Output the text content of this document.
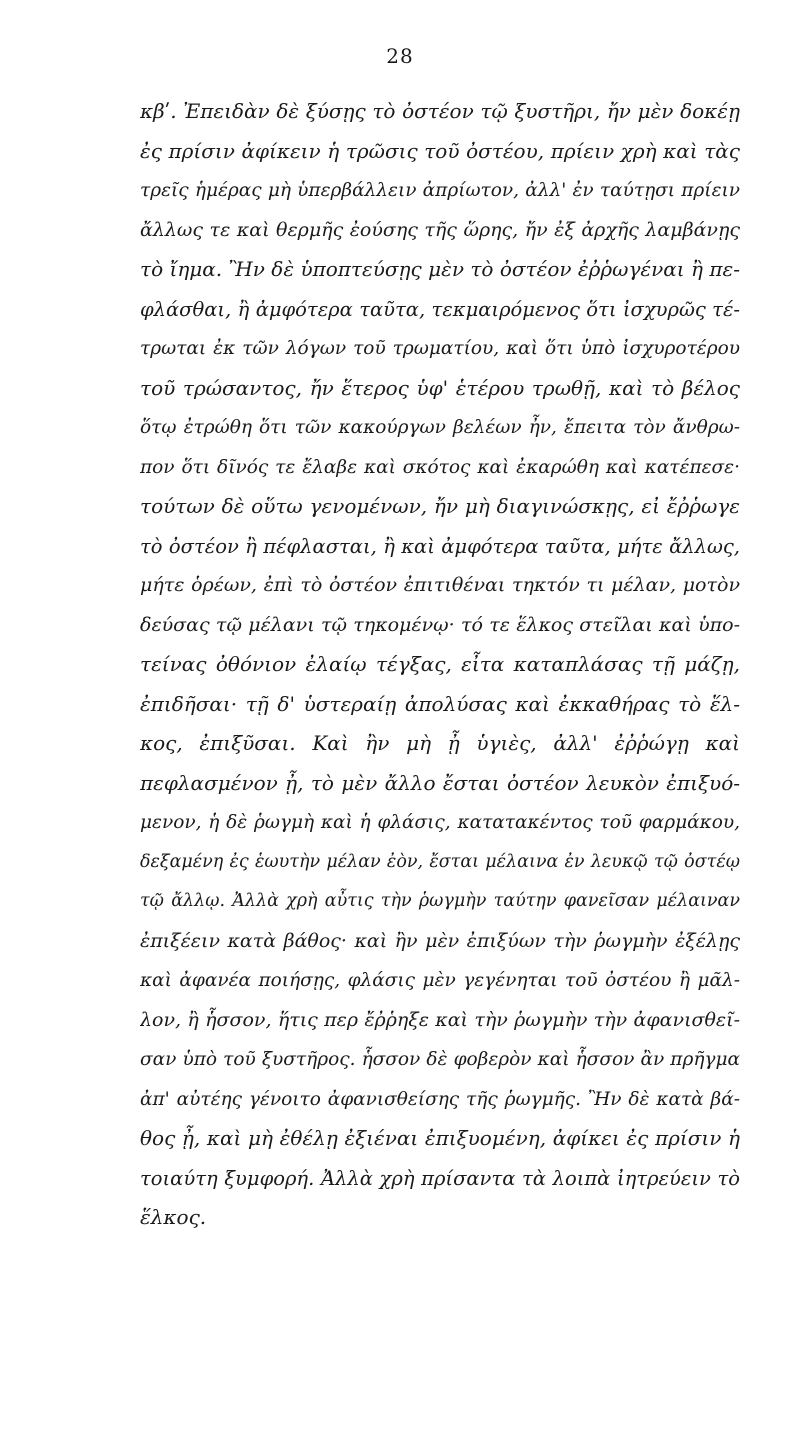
28
κβʹ. Ἐπειδὰν δὲ ξύσῃς τὸ ὀστέον τῷ ξυστῆρι, ἤν μὲν δοκέῃ
ἐς πρίσιν ἀφίκειν ἡ τρῶσις τοῦ ὀστέου, πρίειν χρὴ καὶ τὰς
τρεῖς ἡμέρας μὴ ὑπερβάλλειν ἀπρίωτον, ἀλλ' ἐν ταύτῃσι πρίειν
ἄλλως τε καὶ θερμῆς ἐούσης τῆς ὥρης, ἤν ἐξ ἀρχῆς λαμβάνῃς
τὸ ἴημα. Ἢν δὲ ὑποπτεύσῃς μὲν τὸ ὀστέον ἐῤῥωγέναι ἢ πε-
φλάσθαι, ἢ ἀμφότερα ταῦτα, τεκμαιρόμενος ὅτι ἰσχυρῶς τέ-
τρωται ἐκ τῶν λόγων τοῦ τρωματίου, καὶ ὅτι ὑπὸ ἰσχυροτέρου
τοῦ τρώσαντος, ἤν ἕτερος ὑφ' ἑτέρου τρωθῇ, καὶ τὸ βέλος
ὅτῳ ἐτρώθη ὅτι τῶν κακούργων βελέων ἦν, ἔπειτα τὸν ἄνθρω-
πον ὅτι δῖνός τε ἔλαβε καὶ σκότος καὶ ἐκαρώθη καὶ κατέπεσε·
τούτων δὲ οὕτω γενομένων, ἤν μὴ διαγινώσκῃς, εἰ ἔῤῥωγε
τὸ ὀστέον ἢ πέφλασται, ἢ καὶ ἀμφότερα ταῦτα, μήτε ἄλλως,
μήτε ὁρέων, ἐπὶ τὸ ὀστέον ἐπιτιθέναι τηκτόν τι μέλαν, μοτὸν
δεύσας τῷ μέλανι τῷ τηκομένῳ· τό τε ἕλκος στεῖλαι καὶ ὑπο-
τείνας ὀθόνιον ἐλαίῳ τέγξας, εἶτα καταπλάσας τῇ μάζῃ,
ἐπιδῆσαι· τῇ δ' ὑστεραίῃ ἀπολύσας καὶ ἐκκαθήρας τὸ ἕλ-
κος, ἐπιξῦσαι. Καὶ ἢν μὴ ᾖ ὑγιὲς, ἀλλ' ἐῤῥώγῃ καὶ
πεφλασμένον ᾖ, τὸ μὲν ἄλλο ἔσται ὀστέον λευκὸν ἐπιξυό-
μενον, ἡ δὲ ῥωγμὴ καὶ ἡ φλάσις, κατατακέντος τοῦ φαρμάκου,
δεξαμένη ἐς ἑωυτὴν μέλαν ἐὸν, ἔσται μέλαινα ἐν λευκῷ τῷ ὀστέῳ
τῷ ἄλλῳ. Ἀλλὰ χρὴ αὖτις τὴν ῥωγμὴν ταύτην φανεῖσαν μέλαιναν
ἐπιξέειν κατὰ βάθος· καὶ ἢν μὲν ἐπιξύων τὴν ῥωγμὴν ἐξέλῃς
καὶ ἀφανέα ποιήσῃς, φλάσις μὲν γεγένηται τοῦ ὀστέου ἢ μᾶλ-
λον, ἢ ἧσσον, ἥτις περ ἔῤῥηξε καὶ τὴν ῥωγμὴν τὴν ἀφανισθεῖ-
σαν ὑπὸ τοῦ ξυστῆρος. ἧσσον δὲ φοβερὸν καὶ ἧσσον ἂν πρῆγμα
ἀπ' αὐτέης γένοιτο ἀφανισθείσης τῆς ῥωγμῆς. Ἢν δὲ κατὰ βά-
θος ᾖ, καὶ μὴ ἐθέλῃ ἐξιέναι ἐπιξυομένη, ἀφίκει ἐς πρίσιν ἡ
τοιαύτη ξυμφορή. Ἀλλὰ χρὴ πρίσαντα τὰ λοιπὰ ἰητρεύειν τὸ
ἕλκος.
